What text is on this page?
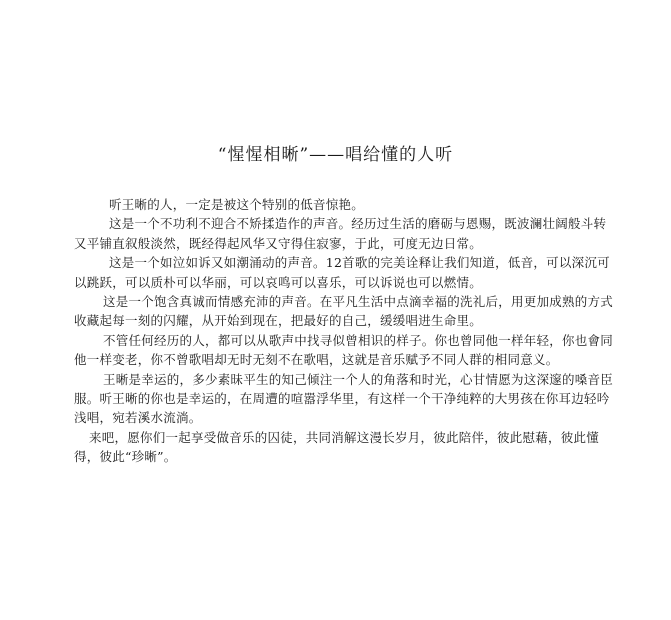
“惺惺相晰”——唱给懂的人听

听王晰的人，一定是被这个特别的低音惊艳。

这是一个不功利不迎合不矫揉造作的声音。经历过生活的磨砺与恩赐，既波澜壮阔般斗转又平铺直叙般淡然，既经得起风华又守得住寂寥，于此，可度无边日常。

这是一个如泣如诉又如潮涌动的声音。12首歌的完美诠释让我们知道，低音，可以深沉可以跳跃，可以质朴可以华丽，可以哀鸣可以喜乐，可以诉说也可以燃情。

这是一个饱含真诚而情感充沛的声音。在平凡生活中点滴幸福的洗礼后，用更加成熟的方式收藏起每一刻的闪耀，从开始到现在，把最好的自己，缓缓唱进生命里。

不管任何经历的人，都可以从歌声中找寻似曾相识的样子。你也曾同他一样年轻，你也會同他一样变老，你不曾歌唱却无时无刻不在歌唱，这就是音乐赋予不同人群的相同意义。

王晰是幸运的，多少素昧平生的知己倾注一个人的角落和时光，心甘情愿为这深邃的嗓音臣服。听王晰的你也是幸运的，在周遭的喧嚣浮华里，有这样一个干净纯粹的大男孩在你耳边轻吟浅唱，宛若溪水流淌。

来吧，愿你们一起享受做音乐的囚徒，共同消解这漫长岁月，彼此陪伴，彼此慰藉，彼此懂得，彼此“珍晰”。
